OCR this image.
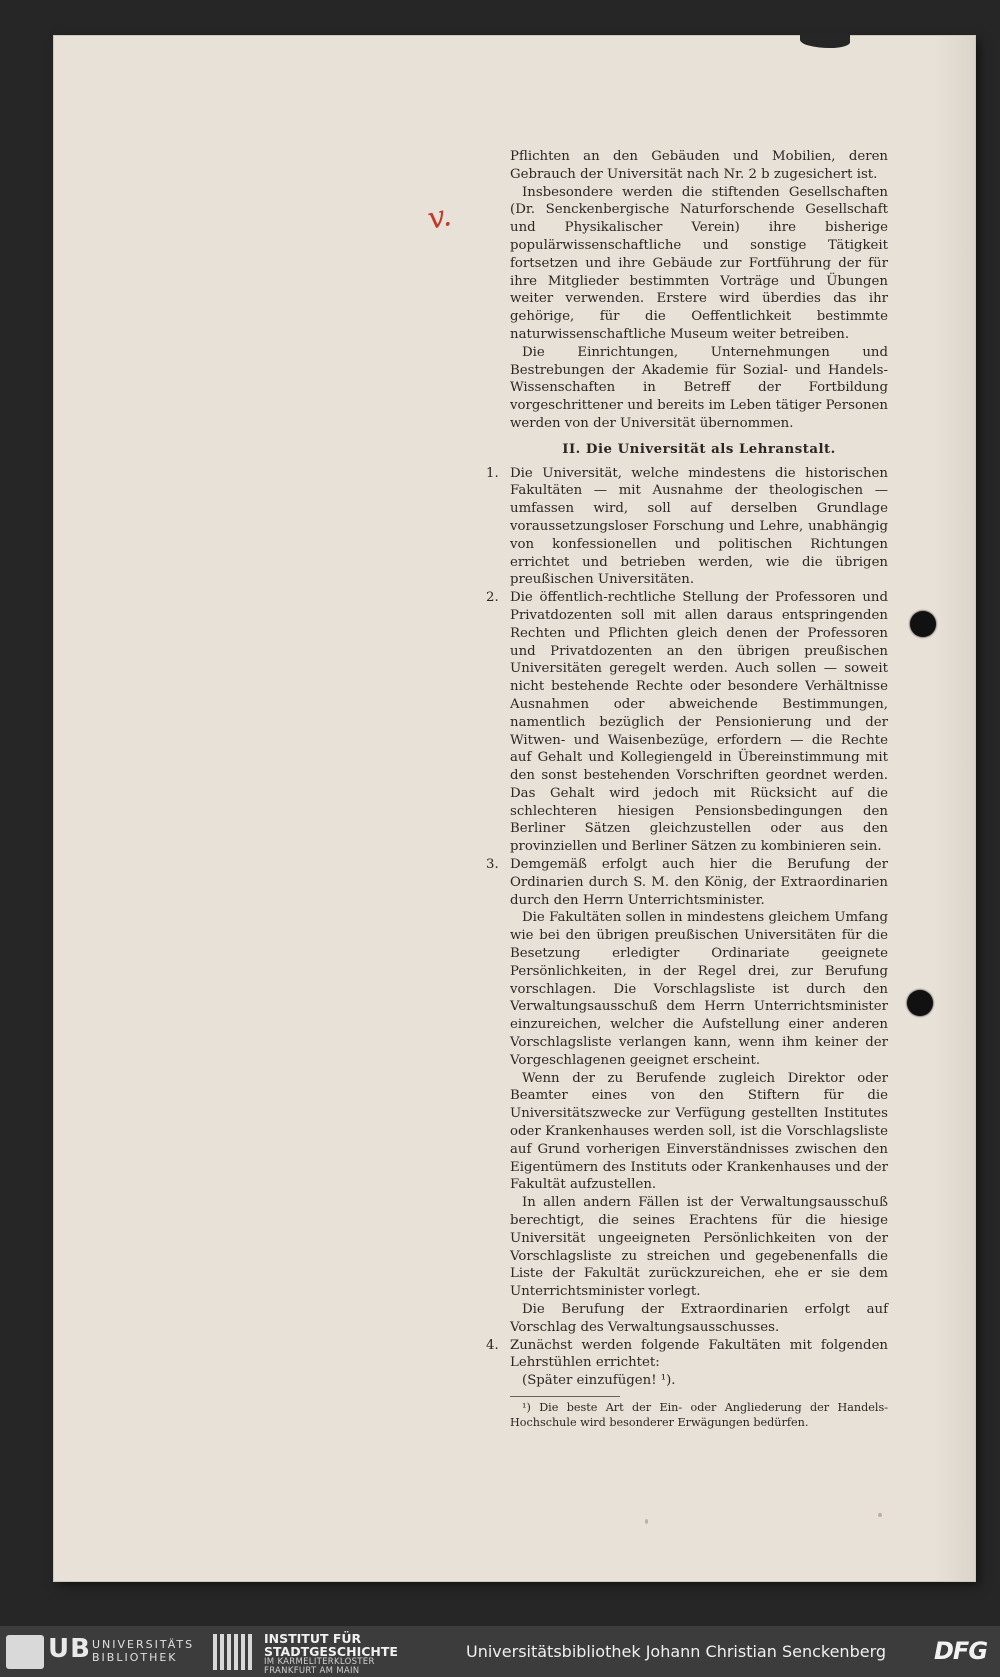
v.

Pflichten an den Gebäuden und Mobilien, deren Gebrauch der Universität nach Nr. 2 b zugesichert ist.

Insbesondere werden die stiftenden Gesellschaften (Dr. Senckenbergische Naturforschende Gesellschaft und Physikalischer Verein) ihre bisherige populärwissenschaftliche und sonstige Tätigkeit fortsetzen und ihre Gebäude zur Fortführung der für ihre Mitglieder bestimmten Vorträge und Übungen weiter verwenden. Erstere wird überdies das ihr gehörige, für die Oeffentlichkeit bestimmte naturwissenschaftliche Museum weiter betreiben.

Die Einrichtungen, Unternehmungen und Bestrebungen der Akademie für Sozial- und Handels-Wissenschaften in Betreff der Fortbildung vorgeschrittener und bereits im Leben tätiger Personen werden von der Universität übernommen.

II. Die Universität als Lehranstalt.

1. Die Universität, welche mindestens die historischen Fakultäten — mit Ausnahme der theologischen — umfassen wird, soll auf derselben Grundlage voraussetzungsloser Forschung und Lehre, unabhängig von konfessionellen und politischen Richtungen errichtet und betrieben werden, wie die übrigen preußischen Universitäten.

2. Die öffentlich-rechtliche Stellung der Professoren und Privatdozenten soll mit allen daraus entspringenden Rechten und Pflichten gleich denen der Professoren und Privatdozenten an den übrigen preußischen Universitäten geregelt werden. Auch sollen — soweit nicht bestehende Rechte oder besondere Verhältnisse Ausnahmen oder abweichende Bestimmungen, namentlich bezüglich der Pensionierung und der Witwen- und Waisenbezüge, erfordern — die Rechte auf Gehalt und Kollegiengeld in Übereinstimmung mit den sonst bestehenden Vorschriften geordnet werden. Das Gehalt wird jedoch mit Rücksicht auf die schlechteren hiesigen Pensionsbedingungen den Berliner Sätzen gleichzustellen oder aus den provinziellen und Berliner Sätzen zu kombinieren sein.

3. Demgemäß erfolgt auch hier die Berufung der Ordinarien durch S. M. den König, der Extraordinarien durch den Herrn Unterrichtsminister.

Die Fakultäten sollen in mindestens gleichem Umfang wie bei den übrigen preußischen Universitäten für die Besetzung erledigter Ordinariate geeignete Persönlichkeiten, in der Regel drei, zur Berufung vorschlagen. Die Vorschlagsliste ist durch den Verwaltungsausschuß dem Herrn Unterrichtsminister einzureichen, welcher die Aufstellung einer anderen Vorschlagsliste verlangen kann, wenn ihm keiner der Vorgeschlagenen geeignet erscheint.

Wenn der zu Berufende zugleich Direktor oder Beamter eines von den Stiftern für die Universitätszwecke zur Verfügung gestellten Institutes oder Krankenhauses werden soll, ist die Vorschlagsliste auf Grund vorherigen Einverständnisses zwischen den Eigentümern des Instituts oder Krankenhauses und der Fakultät aufzustellen.

In allen andern Fällen ist der Verwaltungsausschuß berechtigt, die seines Erachtens für die hiesige Universität ungeeigneten Persönlichkeiten von der Vorschlagsliste zu streichen und gegebenenfalls die Liste der Fakultät zurückzureichen, ehe er sie dem Unterrichtsminister vorlegt.

Die Berufung der Extraordinarien erfolgt auf Vorschlag des Verwaltungsausschusses.

4. Zunächst werden folgende Fakultäten mit folgenden Lehrstühlen errichtet:

(Später einzufügen! ¹).

¹) Die beste Art der Ein- oder Angliederung der Handels-Hochschule wird besonderer Erwägungen bedürfen.

UB UNIVERSITÄTS
BIBLIOTHEK
INSTITUT FÜR
STADTGESCHICHTE
IM KARMELITERKLOSTER
FRANKFURT AM MAIN
Universitätsbibliothek Johann Christian Senckenberg DFG
